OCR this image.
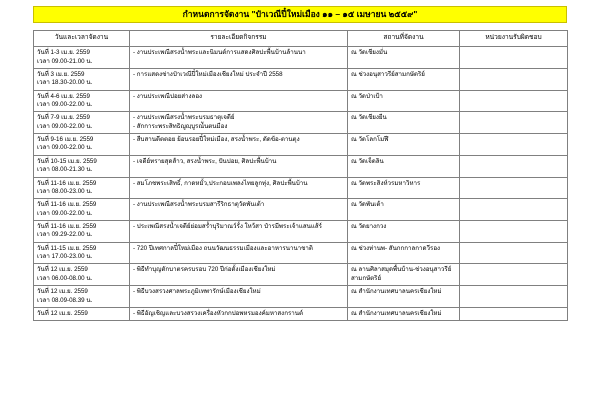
กำหนดการจัดงาน "ป๋าเวณีปี๋ใหม่เมือง ๑๑ – ๑๕ เมษายน ๒๕๕๙"
วันและเวลาจัดงาน	รายละเอียดกิจกรรม	สถานที่จัดงาน	หน่วยงานรับผิดชอบ

วันที่ 1-3 เม.ย. 2559
เวลา 09.00-21.00 น.	- งานประเพณีสรงน้ำพระและนิมนต์การแสดงศิลปะพื้นบ้านล้านนา	ณ วัดเชียงมั่น	

วันที่ 3 เม.ย. 2559
เวลา 18.30-20.00 น.	- การแสดงช่างป๋าเวณีปี๋ใหม่เมืองเชียงใหม่ ประจำปี 2558	ณ ช่วงอนุสาวรีย์สามกษัตริย์	

วันที่ 4-6 เม.ย. 2559
เวลา 09.00-22.00 น.	- งานประเพณีปอยส่างลอง	ณ วัดป่าเป้า	

วันที่ 7-9 เม.ย. 2559
เวลา 09.00-22.00 น.	- งานประเพณีสรงน้ำพระบรมธาตุเจดีย์
- สักการะพระสิทธิญูญฺบูรณ์ันตนมือง	ณ วัดเชียงยืน	

วันที่ 9-16 เม.ย. 2559
เวลา 09.00-22.00 น.	- สืบสานดีตตอย ย้อนรอยปี๋ใหม่เมือง, สรงน้ำพระ, ตัดข้อ-ตานตุง	ณ วัดโลกโมฬี	

วันที่ 10-15 เม.ย. 2559
เวลา 08.00-21.30 น.	- เจดีย์ทรายสุดส้าว, สรงน้ำพระ, ปันปอย, ศิลปะพื้นบ้าน	ณ วัดเจ็ดลิน	

วันที่ 11-16 เม.ย. 2559
เวลา 08.00-23.00 น.	- สมโภชพระเสิทธิ์, กาดหมั้ว,ประกอบเพลงไทยลูกทุ่ง, ศิลปะพื้นบ้าน	ณ วัดพระสิงห์วรมหาวิหาร	

วันที่ 11-16 เม.ย. 2559
เวลา 09.00-22.00 น.	- งานประเพณีสรงน้ำพระบรมสารีริกธาตุวัดพันเต้า	ณ วัดพันเต้า	

วันที่ 11-16 เม.ย. 2559
เวลา 09.29-22.00 น.	- ประเพณีสรงน้ำเจดีย์ย่อมสร้ำบุริมาณว์รั้ง ใหว้สา ป๋ารมีพระเจ้าแสนแส้ร์	ณ วัดยางกวง	

วันที่ 11-15 เม.ย. 2559
เวลา 17.00-23.00 น.	- 720 ปีเทศกาลปี๋ใหม่เมือง ถนนวัฒนธรรมเมืองและอาหารนานาชาติ	ณ ช่วงท่านพ- สันกกกาลกาดวีรอง	

วันที่ 12 เม.ย. 2559
เวลา 06.00-08.00 น.	- พิธีทำบุญตักบาตรครบรอบ 720 ปีก่อตั้งเมืองเชียงใหม่	ณ ลานศิลาสมุดพื้นบ้าน-ช่วงอนุสาวรีย์สามกษัตริย์	

วันที่ 12 เม.ย. 2559
เวลา 08.09-08.39 น.	- พิธีบวงสรวงศาลพระภูมิเทพารักษ์เมืองเชียงใหม่	ณ สำนักงานเทศบาลนครเชียงใหม่	

วันที่ 12 เม.ย. 2559	- พิธีอัญเชิญและบวงสรวงเครื่องหัวกกปอพหรมองค์มหาสงกรานต์	ณ สำนักงานเทศบาลนครเชียงใหม่	
